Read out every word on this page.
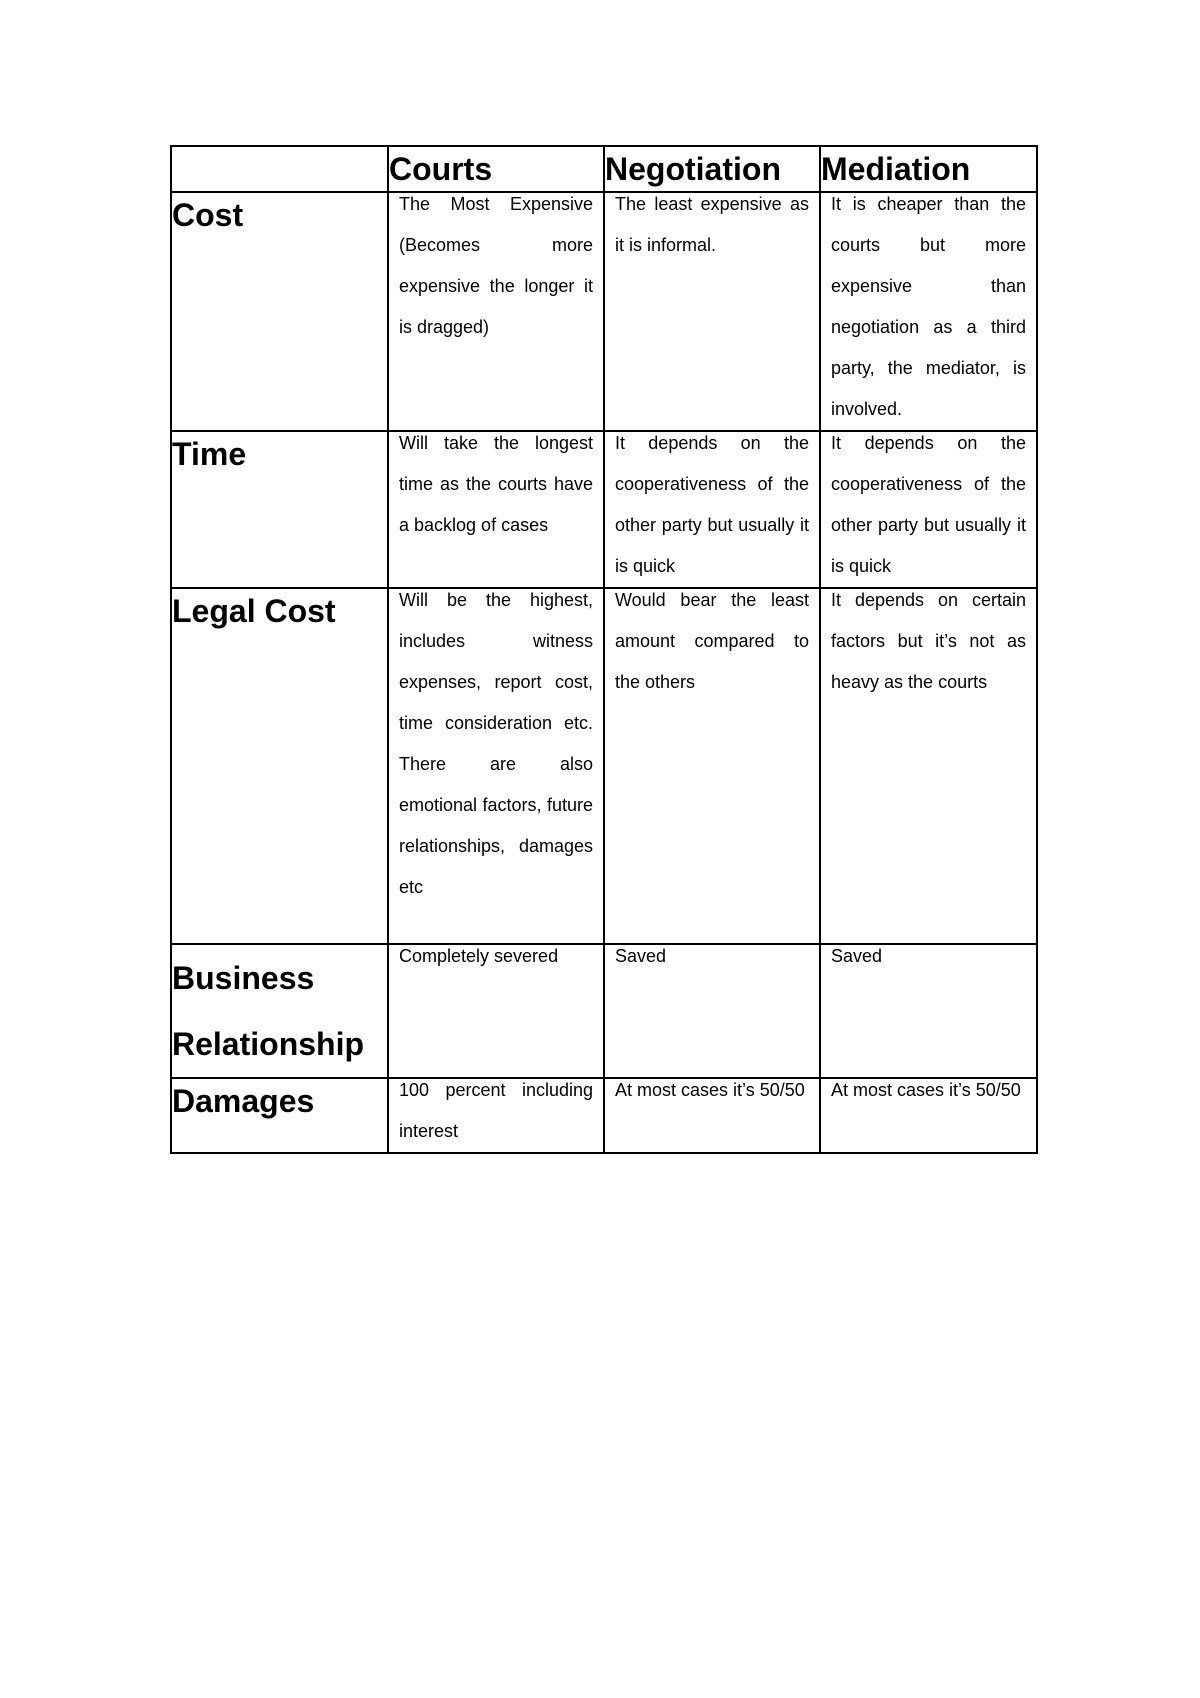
	Courts	Negotiation	Mediation
Cost	The Most Expensive (Becomes more expensive the longer it is dragged)	The least expensive as it is informal.	It is cheaper than the courts but more expensive than negotiation as a third party, the mediator, is involved.

Time	Will take the longest time as the courts have a backlog of cases	It depends on the cooperativeness of the other party but usually it is quick	It depends on the cooperativeness of the other party but usually it is quick

Legal Cost	Will be the highest, includes witness expenses, report cost, time consideration etc. There are also emotional factors, future relationships, damages etc	Would bear the least amount compared to the others	It depends on certain factors but it’s not as heavy as the courts

Business Relationship	Completely severed	Saved	Saved

Damages	100 percent including interest	At most cases it’s 50/50	At most cases it’s 50/50
